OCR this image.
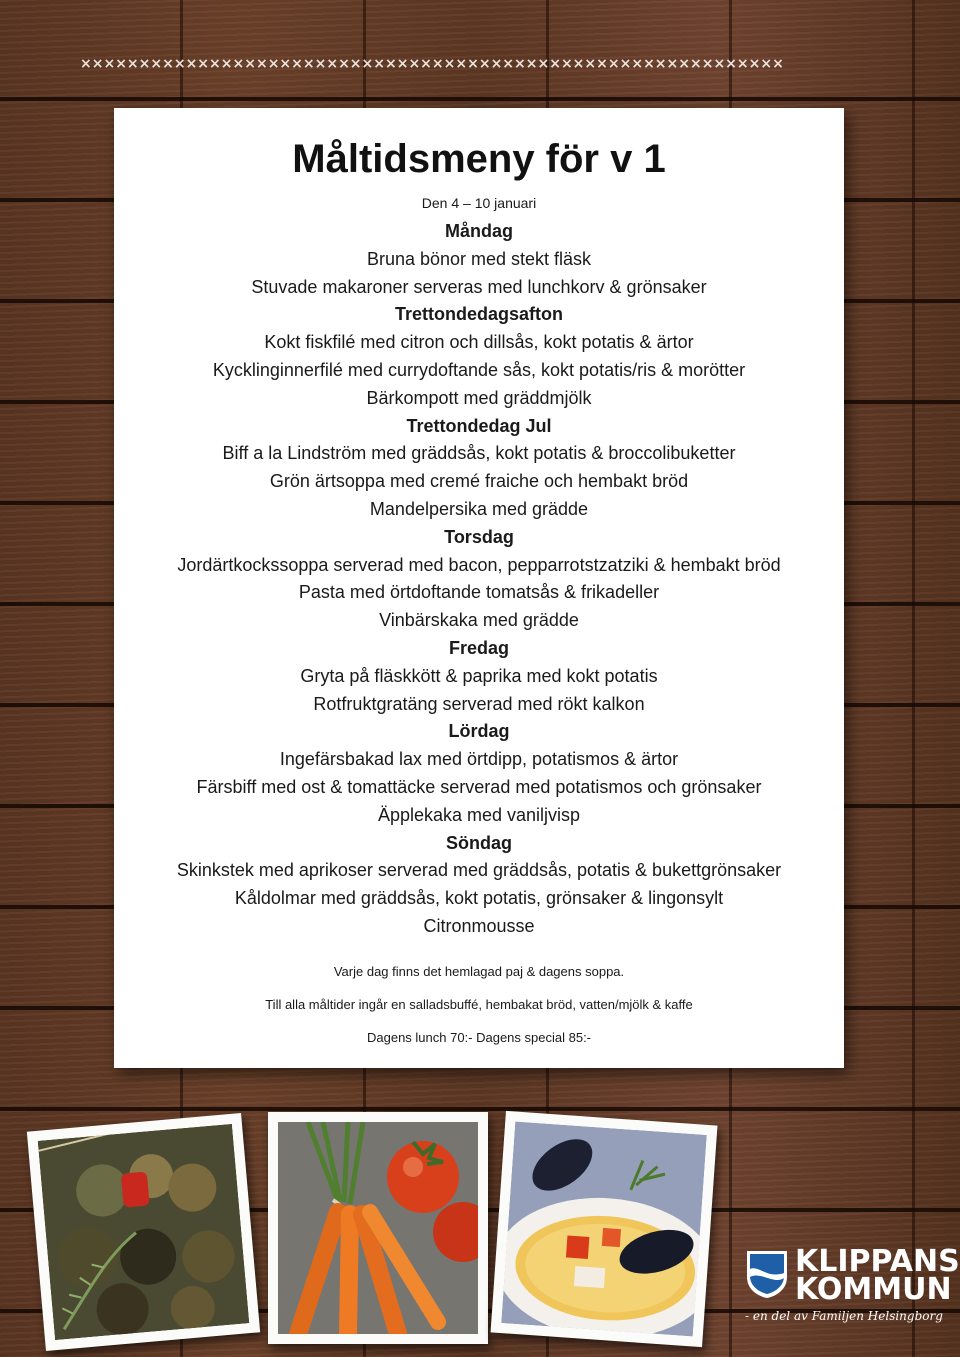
××××××××××××××××××××××××××××××××××××××××××××××××××××××××××××
Måltidsmeny för v 1
Den 4 – 10 januari
Måndag
Bruna bönor med stekt fläsk
Stuvade makaroner serveras med lunchkorv & grönsaker
Trettondedagsafton
Kokt fiskfilé med citron och dillsås, kokt potatis & ärtor
Kycklinginnerfilé med currydoftande sås, kokt potatis/ris & morötter
Bärkompott med gräddmjölk
Trettondedag Jul
Biff a la Lindström med gräddsås, kokt potatis & broccolibuketter
Grön ärtsoppa med cremé fraiche och hembakt bröd
Mandelpersika med grädde
Torsdag
Jordärtkockssoppa serverad med bacon, pepparrotstzatziki & hembakt bröd
Pasta med örtdoftande tomatsås & frikadeller
Vinbärskaka med grädde
Fredag
Gryta på fläskkött & paprika med kokt potatis
Rotfruktgratäng serverad med rökt kalkon
Lördag
Ingefärsbakad lax med örtdipp, potatismos & ärtor
Färsbiff med ost & tomattäcke serverad med potatismos och grönsaker
Äpplekaka med vaniljvisp
Söndag
Skinkstek med aprikoser serverad med gräddsås, potatis & bukettgrönsaker
Kåldolmar med gräddsås, kokt potatis, grönsaker & lingonsylt
Citronmousse
Varje dag finns det hemlagad paj & dagens soppa.
Till alla måltider ingår en salladsbuffé, hembakat bröd, vatten/mjölk & kaffe
Dagens lunch 70:- Dagens special 85:-
KLIPPANS
KOMMUN
- en del av Familjen Helsingborg
